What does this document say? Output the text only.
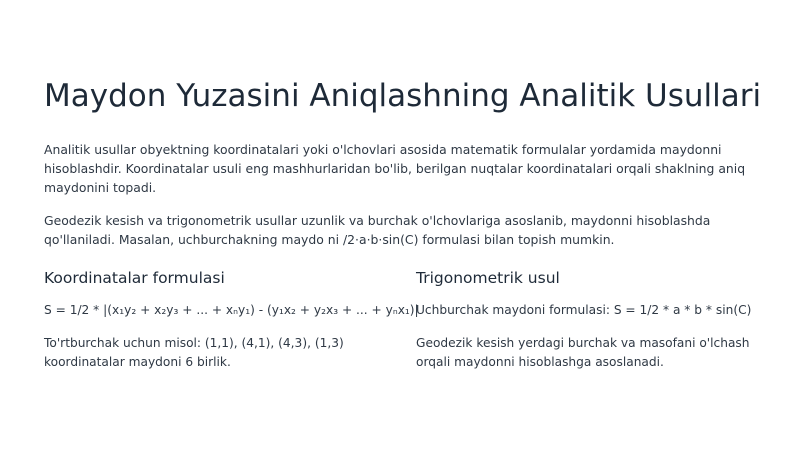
Maydon Yuzasini Aniqlashning Analitik Usullari

Analitik usullar obyektning koordinatalari yoki o'lchovlari asosida matematik formulalar yordamida maydonni hisoblashdir. Koordinatalar usuli eng mashhurlaridan bo'lib, berilgan nuqtalar koordinatalari orqali shaklning aniq maydonini topadi.

Geodezik kesish va trigonometrik usullar uzunlik va burchak o'lchovlariga asoslanib, maydonni hisoblashda qo'llaniladi. Masalan, uchburchakning maydo ni /2·a·b·sin(C) formulasi bilan topish mumkin.

Koordinatalar formulasi

S = 1/2 * |(x₁y₂ + x₂y₃ + ... + xₙy₁) - (y₁x₂ + y₂x₃ + ... + yₙx₁)|

To'rtburchak uchun misol: (1,1), (4,1), (4,3), (1,3) koordinatalar maydoni 6 birlik.

Trigonometrik usul

Uchburchak maydoni formulasi: S = 1/2 * a * b * sin(C)

Geodezik kesish yerdagi burchak va masofani o'lchash orqali maydonni hisoblashga asoslanadi.
